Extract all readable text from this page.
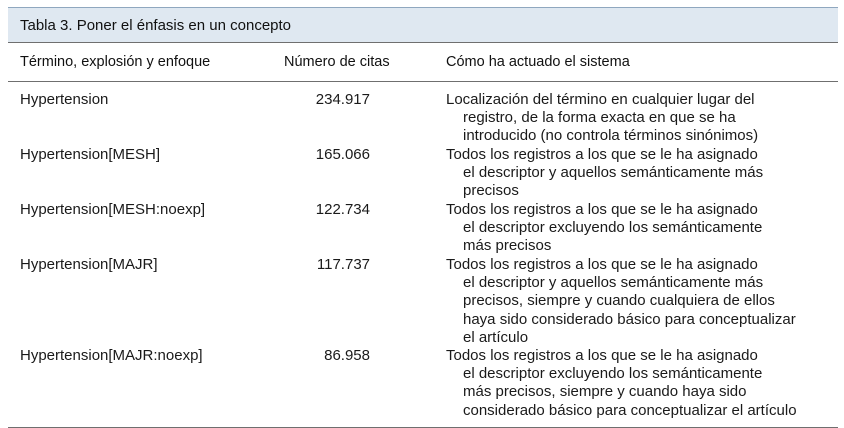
Tabla 3. Poner el énfasis en un concepto
Término, explosión y enfoque	Número de citas	Cómo ha actuado el sistema
Hypertension	234.917	Localización del término en cualquier lugar del
registro, de la forma exacta en que se ha
introducido (no controla términos sinónimos)
Hypertension[MESH]	165.066	Todos los registros a los que se le ha asignado
el descriptor y aquellos semánticamente más
precisos
Hypertension[MESH:noexp]	122.734	Todos los registros a los que se le ha asignado
el descriptor excluyendo los semánticamente
más precisos
Hypertension[MAJR]	117.737	Todos los registros a los que se le ha asignado
el descriptor y aquellos semánticamente más
precisos, siempre y cuando cualquiera de ellos
haya sido considerado básico para conceptualizar
el artículo
Hypertension[MAJR:noexp]	86.958	Todos los registros a los que se le ha asignado
el descriptor excluyendo los semánticamente
más precisos, siempre y cuando haya sido
considerado básico para conceptualizar el artículo
